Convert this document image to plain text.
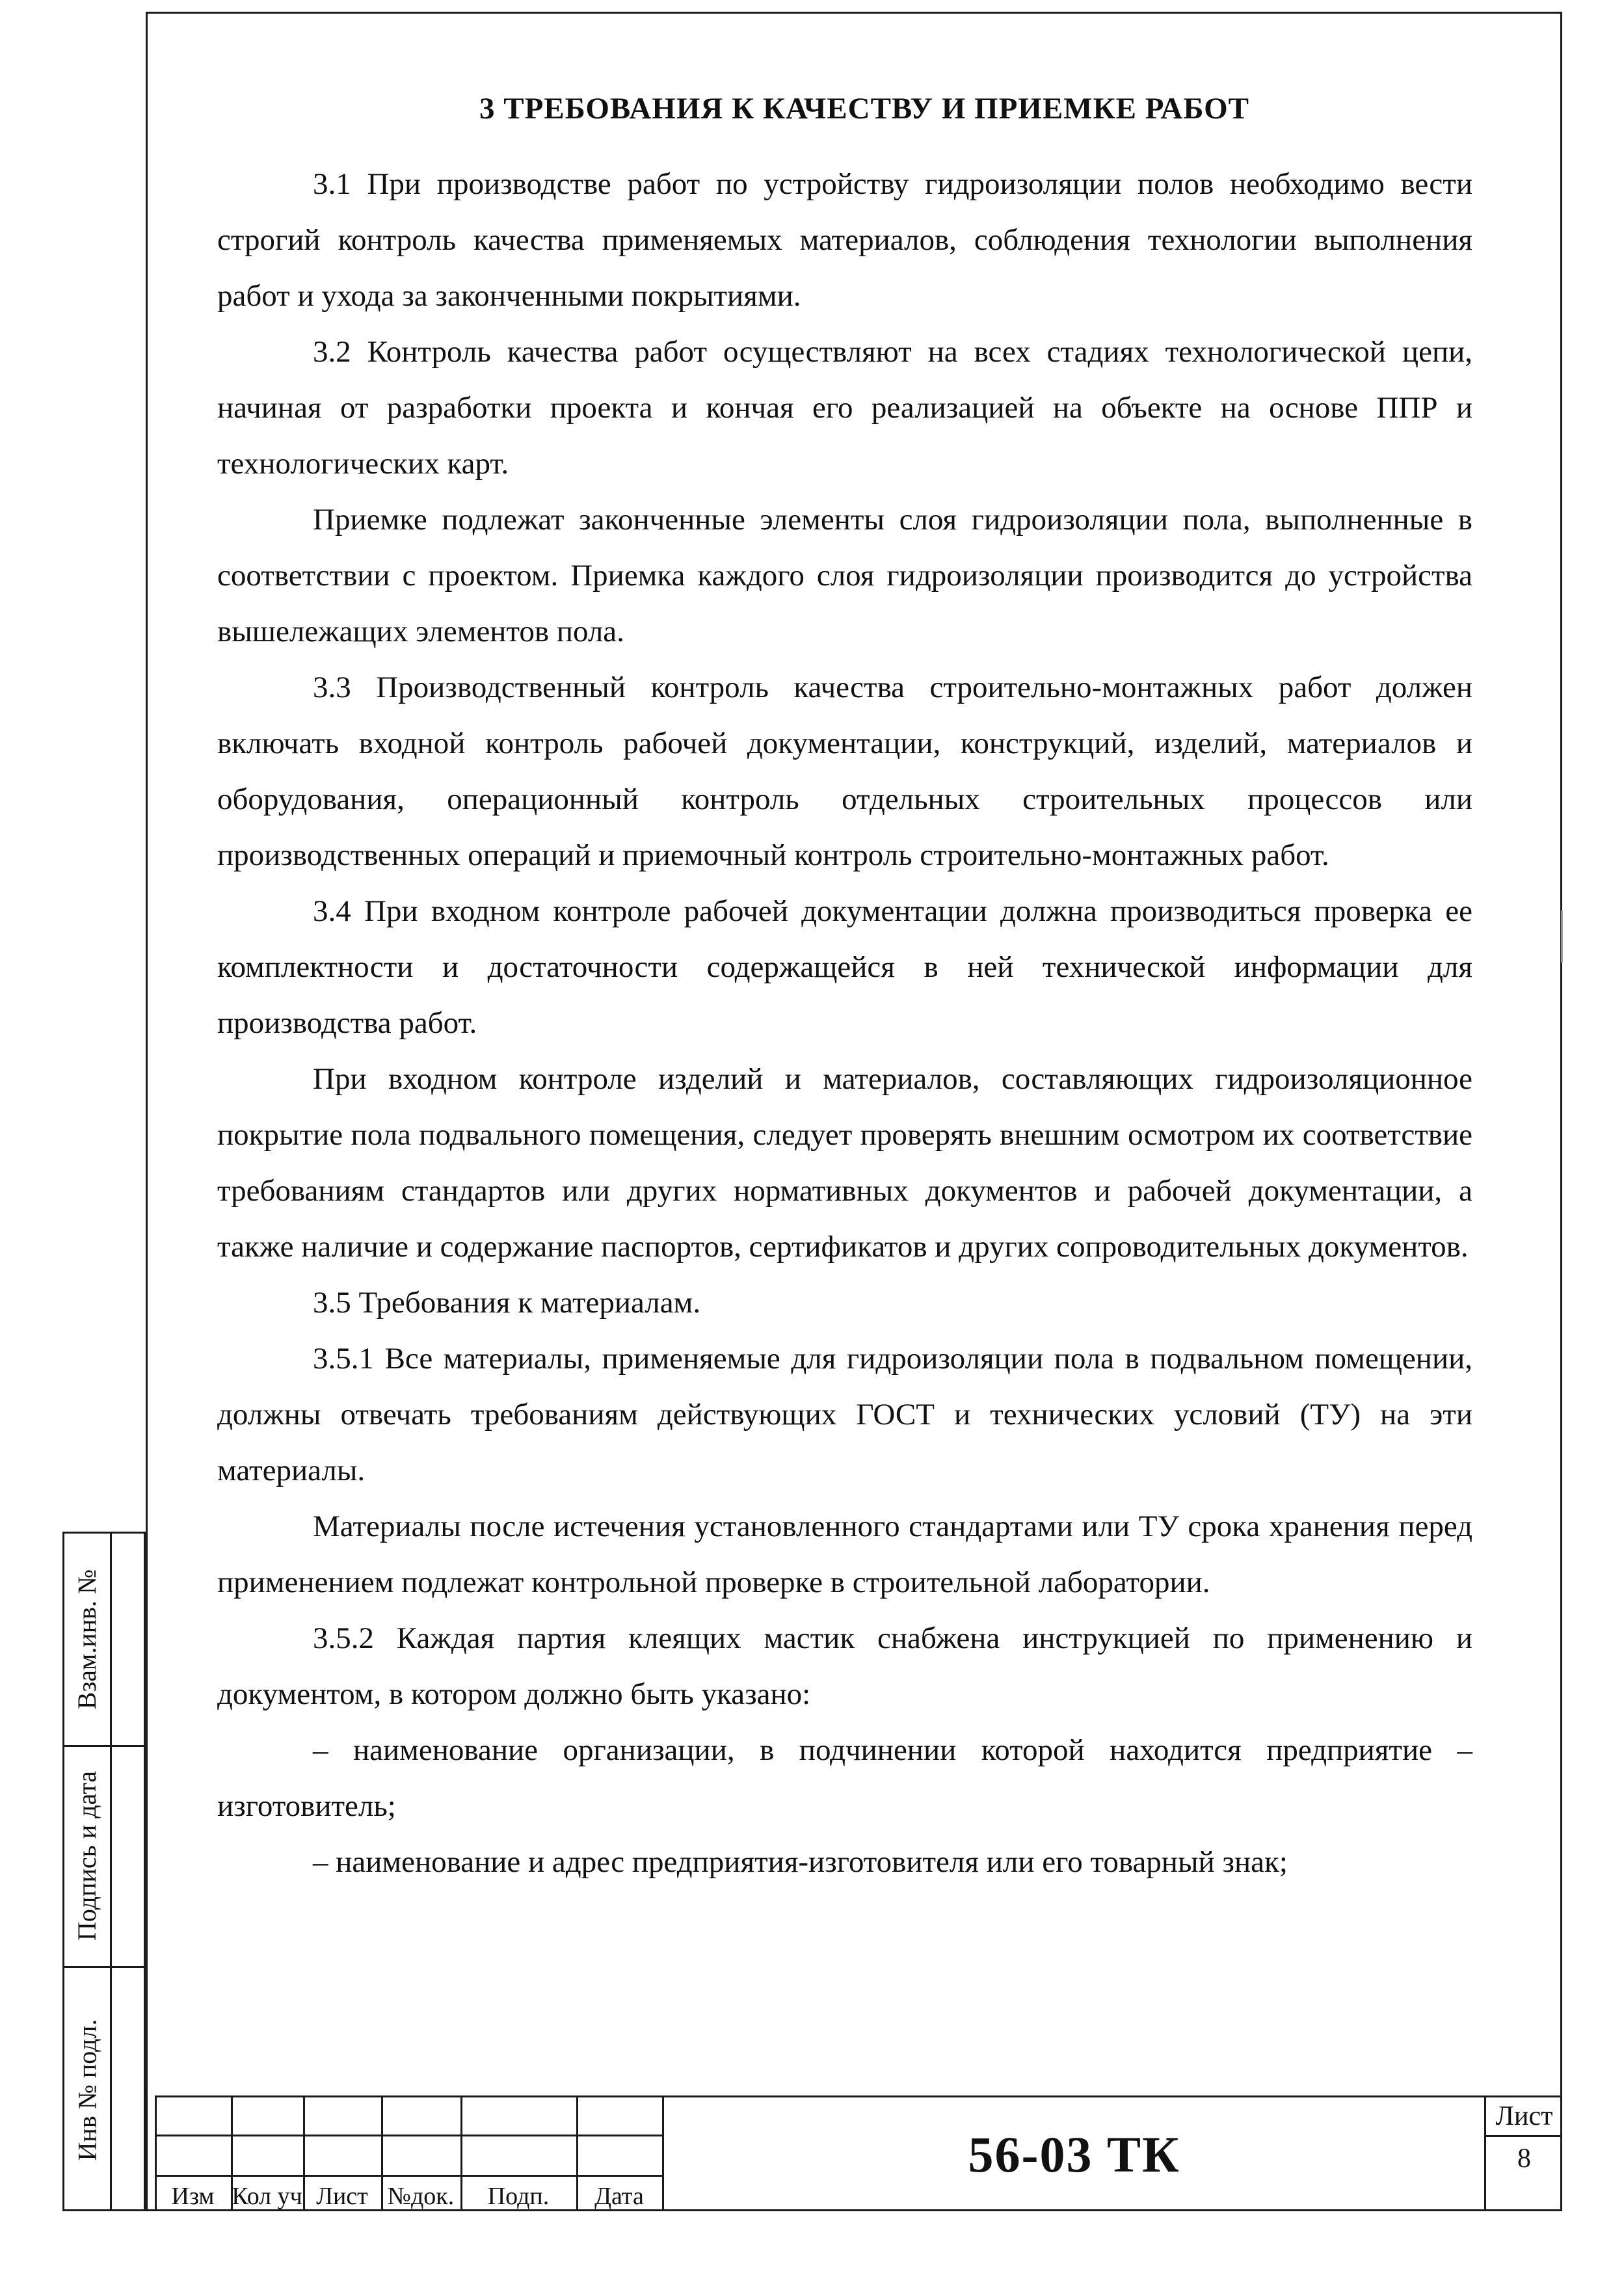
3 ТРЕБОВАНИЯ К КАЧЕСТВУ И ПРИЕМКЕ РАБОТ

3.1 При производстве работ по устройству гидроизоляции полов необходимо вести строгий контроль качества применяемых материалов, соблюдения технологии выполнения работ и ухода за законченными покрытиями.

3.2 Контроль качества работ осуществляют на всех стадиях технологической цепи, начиная от разработки проекта и кончая его реализацией на объекте на основе ППР и технологических карт.

Приемке подлежат законченные элементы слоя гидроизоляции пола, выполненные в соответствии с проектом. Приемка каждого слоя гидроизоляции производится до устройства вышележащих элементов пола.

3.3 Производственный контроль качества строительно-монтажных работ должен включать входной контроль рабочей документации, конструкций, изделий, материалов и оборудования, операционный контроль отдельных строительных процессов или производственных операций и приемочный контроль строительно-монтажных работ.

3.4 При входном контроле рабочей документации должна производиться проверка ее комплектности и достаточности содержащейся в ней технической информации для производства работ.

При входном контроле изделий и материалов, составляющих гидроизоляционное покрытие пола подвального помещения, следует проверять внешним осмотром их соответствие требованиям стандартов или других нормативных документов и рабочей документации, а также наличие и содержание паспортов, сертификатов и других сопроводительных документов.

3.5 Требования к материалам.

3.5.1 Все материалы, применяемые для гидроизоляции пола в подвальном помещении, должны отвечать требованиям действующих ГОСТ и технических условий (ТУ) на эти материалы.

Материалы после истечения установленного стандартами или ТУ срока хранения перед применением подлежат контрольной проверке в строительной лаборатории.

3.5.2 Каждая партия клеящих мастик снабжена инструкцией по применению и документом, в котором должно быть указано:

– наименование организации, в подчинении которой находится предприятие – изготовитель;

– наименование и адрес предприятия-изготовителя или его товарный знак;

Взам.инв. №
Подпись и дата
Инв № подл.
Изм Кол уч Лист №док.	Подп.	Дата
56-03 ТК
Лист
8
